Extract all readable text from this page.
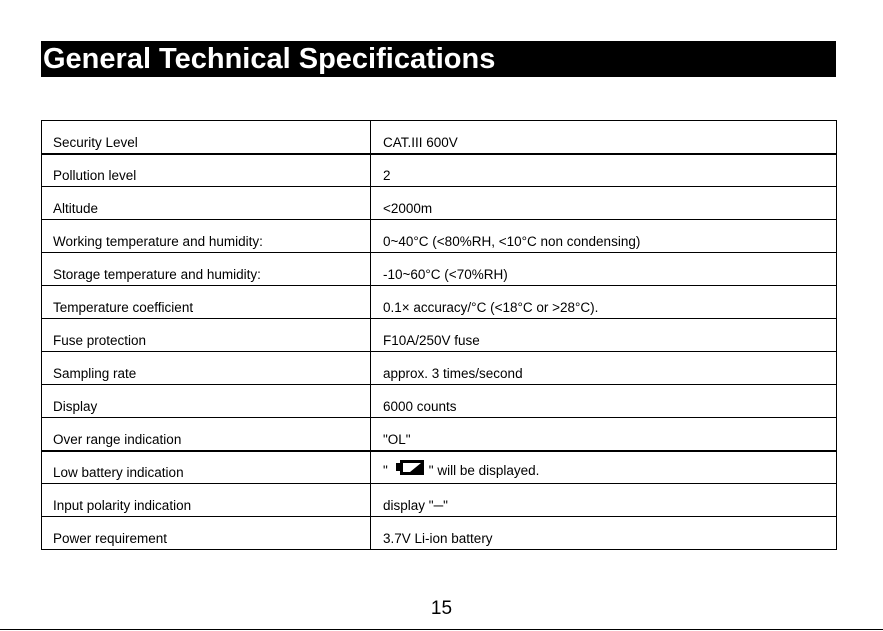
General Technical Specifications
Security Level	CAT.III 600V
Pollution level	2
Altitude	<2000m
Working temperature and humidity:	0~40°C (<80%RH, <10°C non condensing)
Storage temperature and humidity:	-10~60°C (<70%RH)
Temperature coefficient	0.1× accuracy/°C (<18°C or >28°C).
Fuse protection	F10A/250V fuse
Sampling rate	approx. 3 times/second
Display	6000 counts
Over range indication	"OL"
Low battery indication	" " will be displayed.
Input polarity indication	display "─"
Power requirement	3.7V Li-ion battery
15
